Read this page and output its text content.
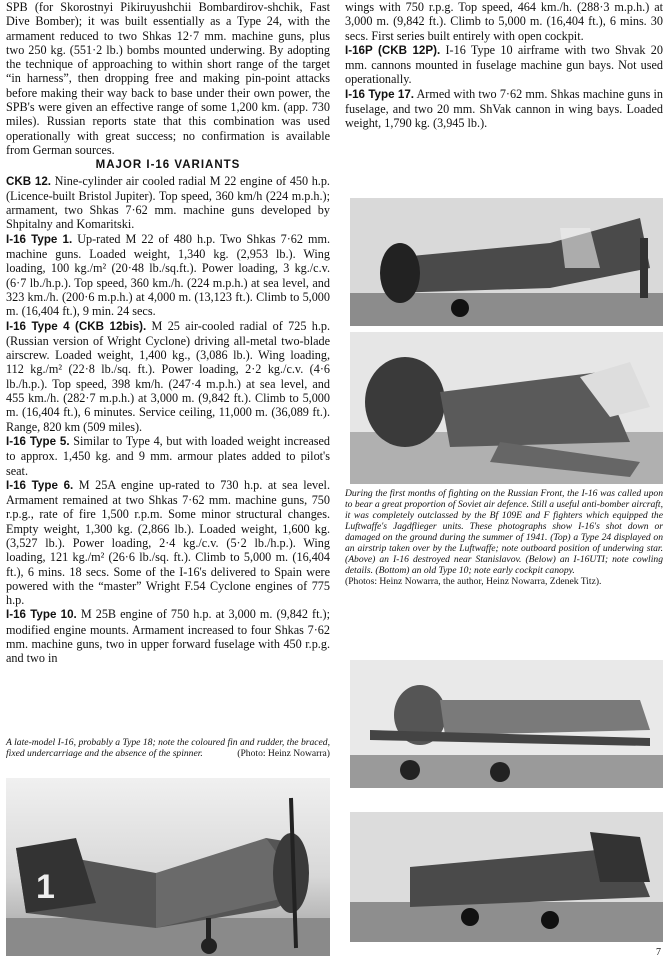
SPB (for Skorostnyi Pikiruyushchii Bombardirov-shchik, Fast Dive Bomber); it was built essentially as a Type 24, with the armament reduced to two Shkas 12·7 mm. machine guns, plus two 250 kg. (551·2 lb.) bombs mounted underwing. By adopting the technique of approaching to within short range of the target “in harness”, then dropping free and making pin-point attacks before making their way back to base under their own power, the SPB's were given an effective range of some 1,200 km. (app. 730 miles). Russian reports state that this combination was used operationally with great success; no confirmation is available from German sources.

MAJOR I-16 VARIANTS

CKB 12. Nine-cylinder air cooled radial M 22 engine of 450 h.p. (Licence-built Bristol Jupiter). Top speed, 360 km/h (224 m.p.h.); armament, two Shkas 7·62 mm. machine guns developed by Shpitalny and Komaritski.

I-16 Type 1. Up-rated M 22 of 480 h.p. Two Shkas 7·62 mm. machine guns. Loaded weight, 1,340 kg. (2,953 lb.). Wing loading, 100 kg./m² (20·48 lb./sq.ft.). Power loading, 3 kg./c.v. (6·7 lb./h.p.). Top speed, 360 km./h. (224 m.p.h.) at sea level, and 323 km./h. (200·6 m.p.h.) at 4,000 m. (13,123 ft.). Climb to 5,000 m. (16,404 ft.), 9 min. 24 secs.

I-16 Type 4 (CKB 12bis). M 25 air-cooled radial of 725 h.p. (Russian version of Wright Cyclone) driving all-metal two-blade airscrew. Loaded weight, 1,400 kg., (3,086 lb.). Wing loading, 112 kg./m² (22·8 lb./sq. ft.). Power loading, 2·2 kg./c.v. (4·6 lb./h.p.). Top speed, 398 km/h. (247·4 m.p.h.) at sea level, and 455 km./h. (282·7 m.p.h.) at 3,000 m. (9,842 ft.). Climb to 5,000 m. (16,404 ft.), 6 minutes. Service ceiling, 11,000 m. (36,089 ft.). Range, 820 km (509 miles).

I-16 Type 5. Similar to Type 4, but with loaded weight increased to approx. 1,450 kg. and 9 mm. armour plates added to pilot's seat.

I-16 Type 6. M 25A engine up-rated to 730 h.p. at sea level. Armament remained at two Shkas 7·62 mm. machine guns, 750 r.p.g., rate of fire 1,500 r.p.m. Some minor structural changes. Empty weight, 1,300 kg. (2,866 lb.). Loaded weight, 1,600 kg. (3,527 lb.). Power loading, 2·4 kg./c.v. (5·2 lb./h.p.). Wing loading, 121 kg./m² (26·6 lb./sq. ft.). Climb to 5,000 m. (16,404 ft.), 6 mins. 18 secs. Some of the I-16's delivered to Spain were powered with the “master” Wright F.54 Cyclone engines of 775 h.p.

I-16 Type 10. M 25B engine of 750 h.p. at 3,000 m. (9,842 ft.); modified engine mounts. Armament increased to four Shkas 7·62 mm. machine guns, two in upper forward fuselage with 450 r.p.g. and two in

A late-model I-16, probably a Type 18; note the coloured fin and rudder, the braced, fixed undercarriage and the absence of the spinner.	(Photo: Heinz Nowarra)
1

wings with 750 r.p.g. Top speed, 464 km./h. (288·3 m.p.h.) at 3,000 m. (9,842 ft.). Climb to 5,000 m. (16,404 ft.), 6 mins. 30 secs. First series built entirely with open cockpit.

I-16P (CKB 12P). I-16 Type 10 airframe with two Shvak 20 mm. cannons mounted in fuselage machine gun bays. Not used operationally.

I-16 Type 17. Armed with two 7·62 mm. Shkas machine guns in fuselage, and two 20 mm. ShVak cannon in wing bays. Loaded weight, 1,790 kg. (3,945 lb.).

During the first months of fighting on the Russian Front, the I-16 was called upon to bear a great proportion of Soviet air defence. Still a useful anti-bomber aircraft, it was completely outclassed by the Bf 109E and F fighters which equipped the Luftwaffe's Jagdflieger units. These photographs show I-16's shot down or damaged on the ground during the summer of 1941. (Top) a Type 24 displayed on an airstrip taken over by the Luftwaffe; note outboard position of underwing star. (Above) an I-16 destroyed near Stanislavov. (Below) an I-16UTI; note cowling details. (Bottom) an old Type 10; note early cockpit canopy.
(Photos: Heinz Nowarra, the author, Heinz Nowarra, Zdenek Titz).
7
